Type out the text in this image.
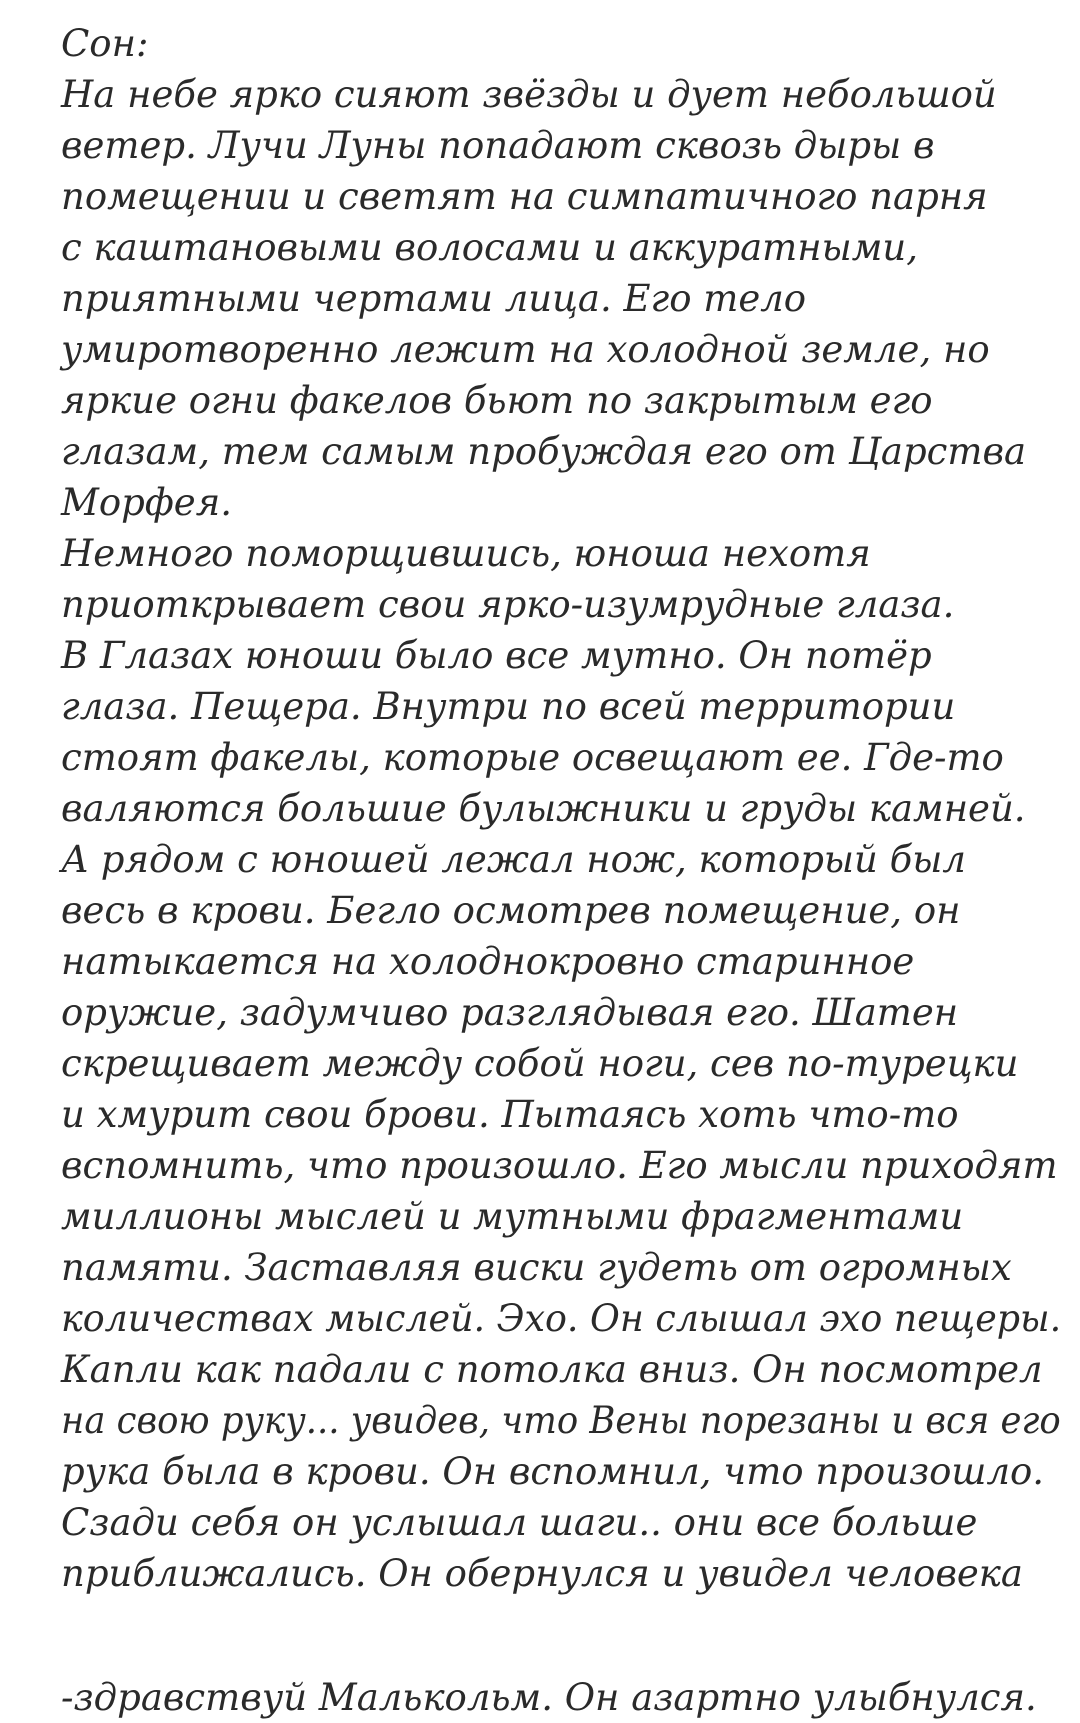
Сон:
На небе ярко сияют звёзды и дует небольшой
ветер. Лучи Луны попадают сквозь дыры в
помещении и светят на симпатичного парня
с каштановыми волосами и аккуратными,
приятными чертами лица. Его тело
умиротворенно лежит на холодной земле, но
яркие огни факелов бьют по закрытым его
глазам, тем самым пробуждая его от Царства
Морфея.
Немного поморщившись, юноша нехотя
приоткрывает свои ярко-изумрудные глаза.
В Глазах юноши было все мутно. Он потёр
глаза. Пещера. Внутри по всей территории
стоят факелы, которые освещают ее. Где-то
валяются большие булыжники и груды камней.
А рядом с юношей лежал нож, который был
весь в крови. Бегло осмотрев помещение, он
натыкается на холоднокровно старинное
оружие, задумчиво разглядывая его. Шатен
скрещивает между собой ноги, сев по-турецки
и хмурит свои брови. Пытаясь хоть что-то
вспомнить, что произошло. Его мысли приходят
миллионы мыслей и мутными фрагментами
памяти. Заставляя виски гудеть от огромных
количествах мыслей. Эхо. Он слышал эхо пещеры.
Капли как падали с потолка вниз. Он посмотрел
на свою руку... увидев, что Вены порезаны и вся его
рука была в крови. Он вспомнил, что произошло.
Сзади себя он услышал шаги.. они все больше
приближались. Он обернулся и увидел человека
-здравствуй Малькольм. Он азартно улыбнулся.
